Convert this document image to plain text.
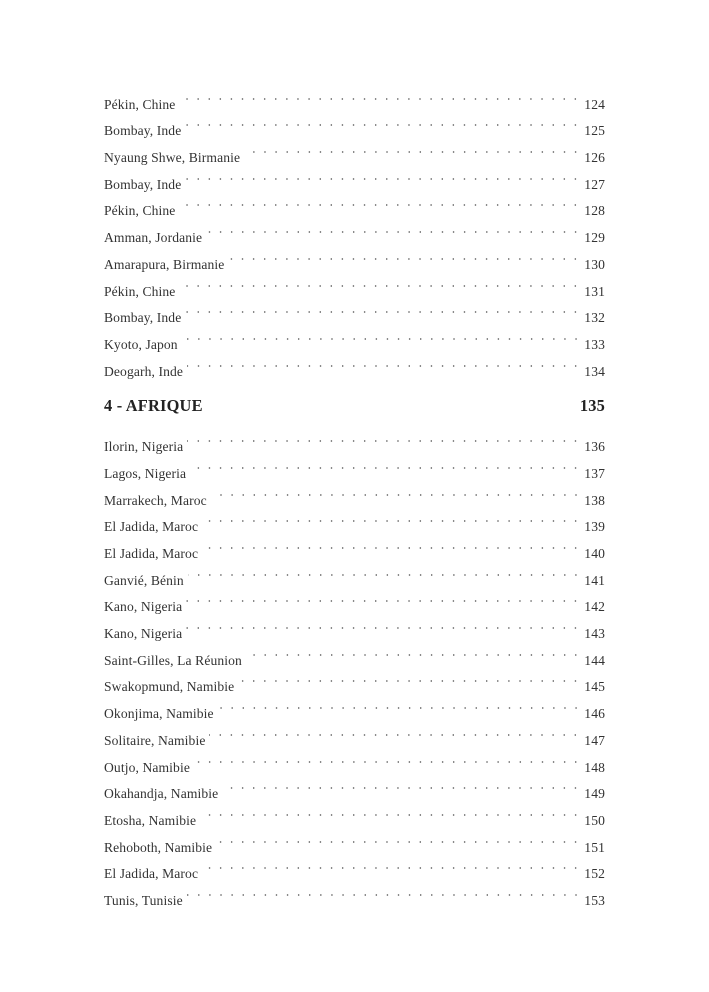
Pékin, Chine	124
Bombay, Inde	125
Nyaung Shwe, Birmanie	126
Bombay, Inde	127
Pékin, Chine	128
Amman, Jordanie	129
Amarapura, Birmanie	130
Pékin, Chine	131
Bombay, Inde	132
Kyoto, Japon	133
Deogarh, Inde	134
4 - AFRIQUE	135
Ilorin, Nigeria	136
Lagos, Nigeria	137
Marrakech, Maroc	138
El Jadida, Maroc	139
El Jadida, Maroc	140
Ganvié, Bénin	141
Kano, Nigeria	142
Kano, Nigeria	143
Saint-Gilles, La Réunion	144
Swakopmund, Namibie	145
Okonjima, Namibie	146
Solitaire, Namibie	147
Outjo, Namibie	148
Okahandja, Namibie	149
Etosha, Namibie	150
Rehoboth, Namibie	151
El Jadida, Maroc	152
Tunis, Tunisie	153
